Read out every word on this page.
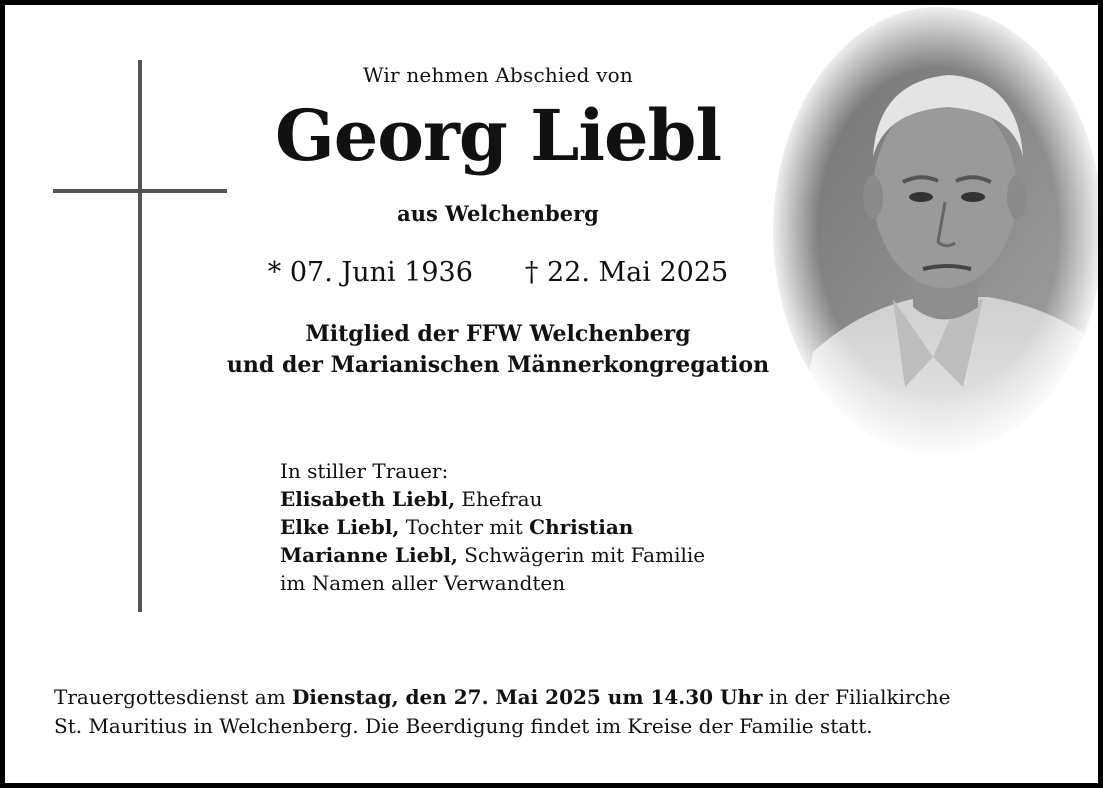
Wir nehmen Abschied von
Georg Liebl
aus Welchenberg
* 07. Juni 1936 † 22. Mai 2025
Mitglied der FFW Welchenberg
und der Marianischen Männerkongregation
In stiller Trauer:
Elisabeth Liebl, Ehefrau
Elke Liebl, Tochter mit Christian
Marianne Liebl, Schwägerin mit Familie
im Namen aller Verwandten
Trauergottesdienst am Dienstag, den 27. Mai 2025 um 14.30 Uhr in der Filialkirche
St. Mauritius in Welchenberg. Die Beerdigung findet im Kreise der Familie statt.
